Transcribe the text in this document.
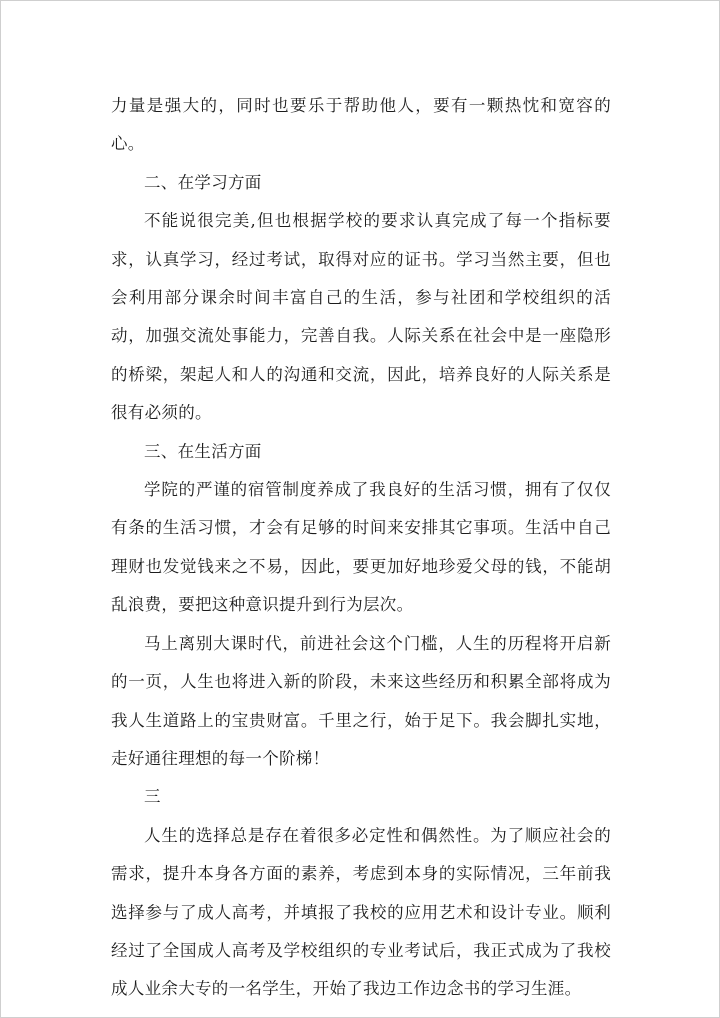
力量是强大的，同时也要乐于帮助他人，要有一颗热忱和宽容的心。

二、在学习方面

不能说很完美,但也根据学校的要求认真完成了每一个指标要求，认真学习，经过考试，取得对应的证书。学习当然主要，但也会利用部分课余时间丰富自己的生活，参与社团和学校组织的活动，加强交流处事能力，完善自我。人际关系在社会中是一座隐形的桥梁，架起人和人的沟通和交流，因此，培养良好的人际关系是很有必须的。

三、在生活方面

学院的严谨的宿管制度养成了我良好的生活习惯，拥有了仅仅有条的生活习惯，才会有足够的时间来安排其它事项。生活中自己理财也发觉钱来之不易，因此，要更加好地珍爱父母的钱，不能胡乱浪费，要把这种意识提升到行为层次。

马上离别大课时代，前进社会这个门槛，人生的历程将开启新的一页，人生也将进入新的阶段，未来这些经历和积累全部将成为我人生道路上的宝贵财富。千里之行，始于足下。我会脚扎实地，走好通往理想的每一个阶梯！

三

人生的选择总是存在着很多必定性和偶然性。为了顺应社会的需求，提升本身各方面的素养，考虑到本身的实际情况，三年前我选择参与了成人高考，并填报了我校的应用艺术和设计专业。顺利经过了全国成人高考及学校组织的专业考试后，我正式成为了我校成人业余大专的一名学生，开始了我边工作边念书的学习生涯。
